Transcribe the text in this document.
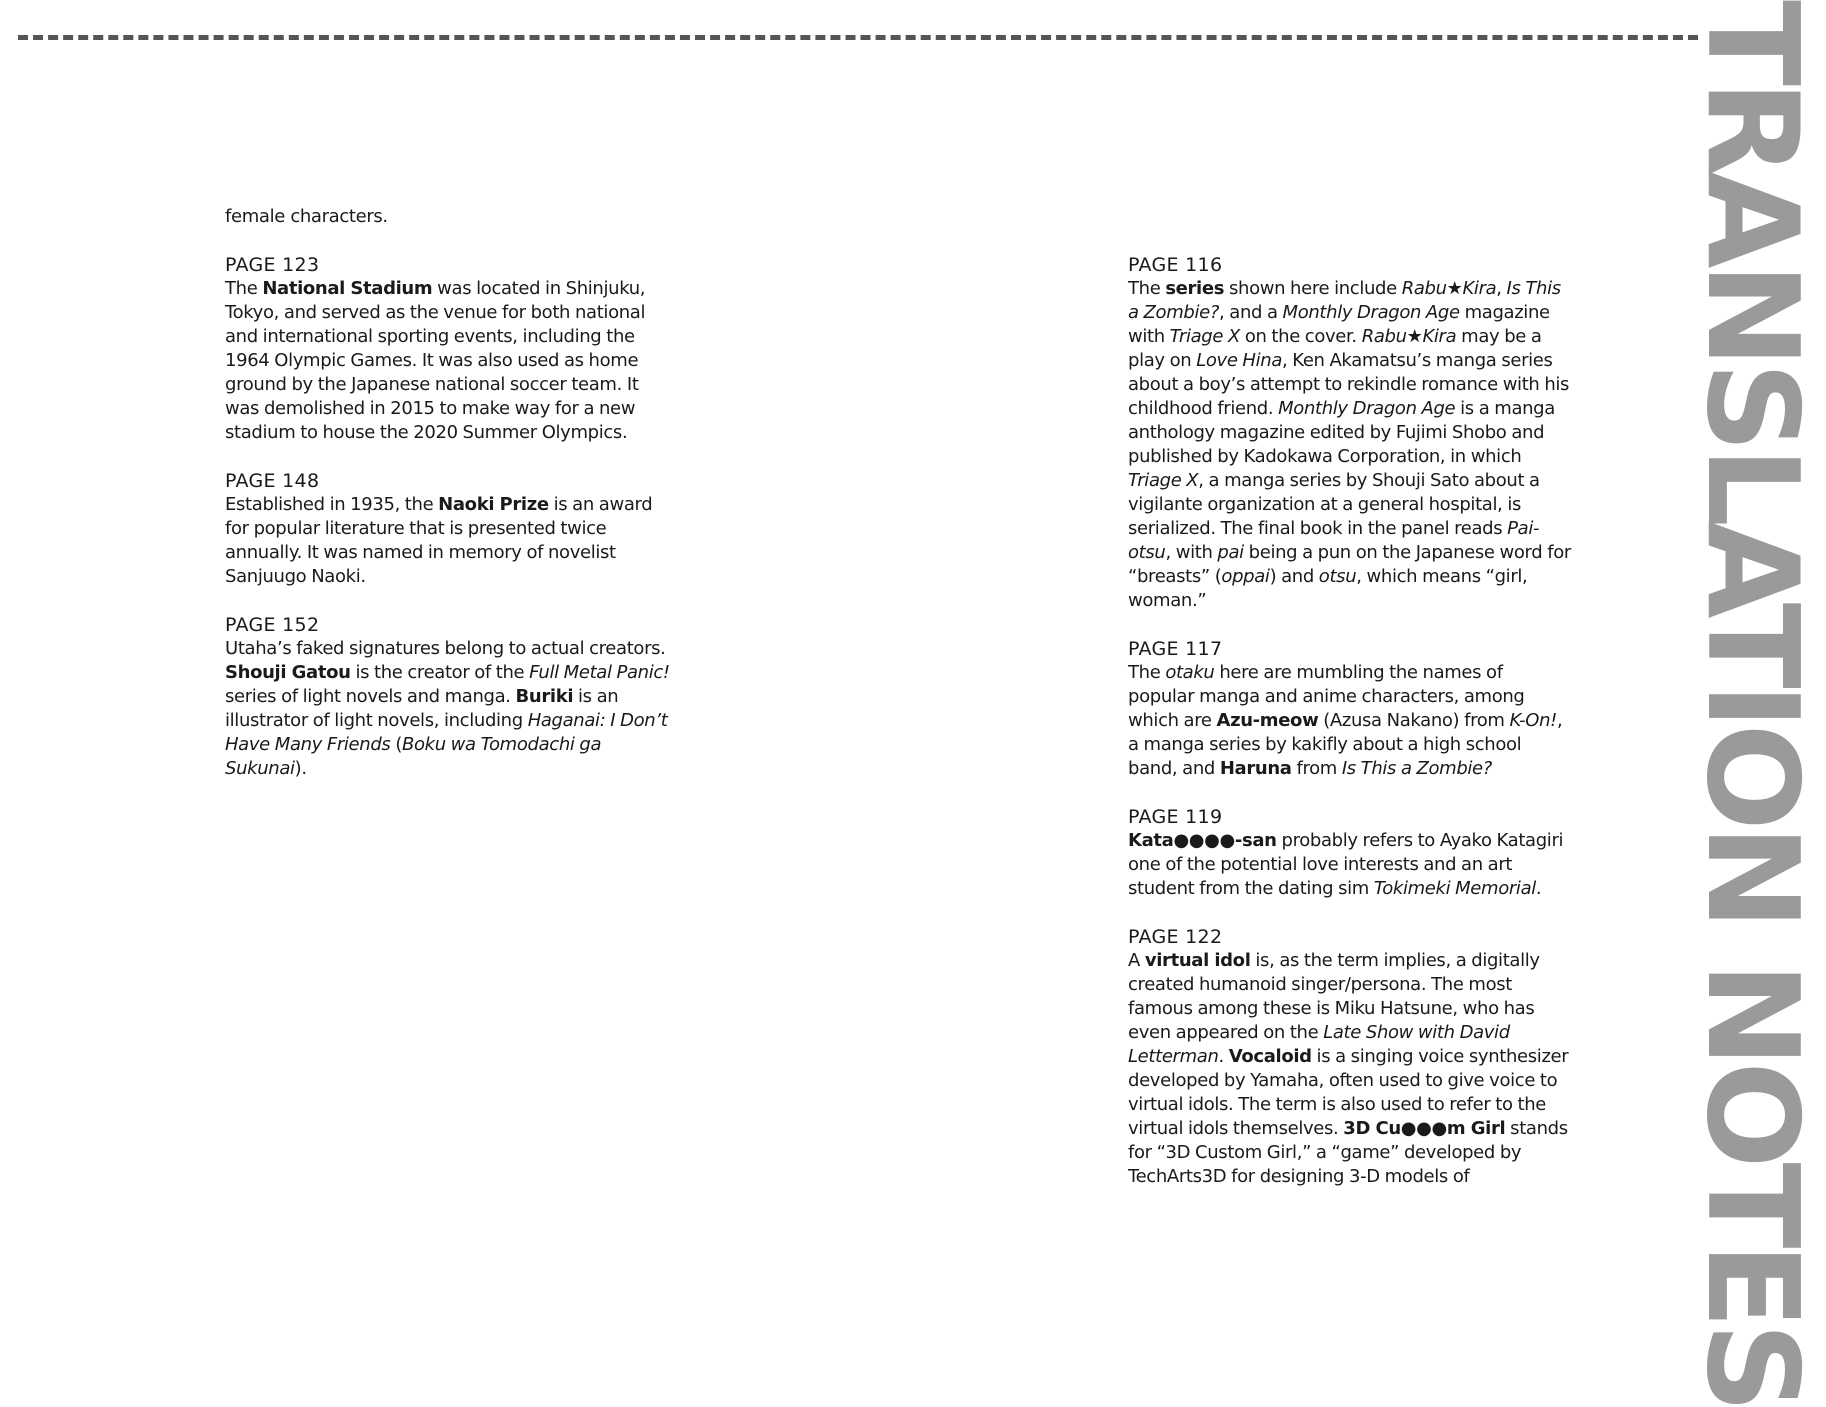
TRANSLATION NOTES

female characters.

PAGE 123

The National Stadium was located in Shinjuku, Tokyo, and served as the venue for both national and international sporting events, including the 1964 Olympic Games. It was also used as home ground by the Japanese national soccer team. It was demolished in 2015 to make way for a new stadium to house the 2020 Summer Olympics.

PAGE 148

Established in 1935, the Naoki Prize is an award for popular literature that is presented twice annually. It was named in memory of novelist Sanjuugo Naoki.

PAGE 152

Utaha’s faked signatures belong to actual creators. Shouji Gatou is the creator of the Full Metal Panic! series of light novels and manga. Buriki is an illustrator of light novels, including Haganai: I Don’t Have Many Friends (Boku wa Tomodachi ga Sukunai).

PAGE 116

The series shown here include Rabu★Kira, Is This a Zombie?, and a Monthly Dragon Age magazine with Triage X on the cover. Rabu★Kira may be a play on Love Hina, Ken Akamatsu’s manga series about a boy’s attempt to rekindle romance with his childhood friend. Monthly Dragon Age is a manga anthology magazine edited by Fujimi Shobo and published by Kadokawa Corporation, in which Triage X, a manga series by Shouji Sato about a vigilante organization at a general hospital, is serialized. The final book in the panel reads Pai-otsu, with pai being a pun on the Japanese word for “breasts” (oppai) and otsu, which means “girl, woman.”

PAGE 117

The otaku here are mumbling the names of popular manga and anime characters, among which are Azu-meow (Azusa Nakano) from K-On!, a manga series by kakifly about a high school band, and Haruna from Is This a Zombie?

PAGE 119

Kata●●●●-san probably refers to Ayako Katagiri one of the potential love interests and an art student from the dating sim Tokimeki Memorial.

PAGE 122

A virtual idol is, as the term implies, a digitally created humanoid singer/persona. The most famous among these is Miku Hatsune, who has even appeared on the Late Show with David Letterman. Vocaloid is a singing voice synthesizer developed by Yamaha, often used to give voice to virtual idols. The term is also used to refer to the virtual idols themselves. 3D Cu●●●m Girl stands for “3D Custom Girl,” a “game” developed by TechArts3D for designing 3-D models of
